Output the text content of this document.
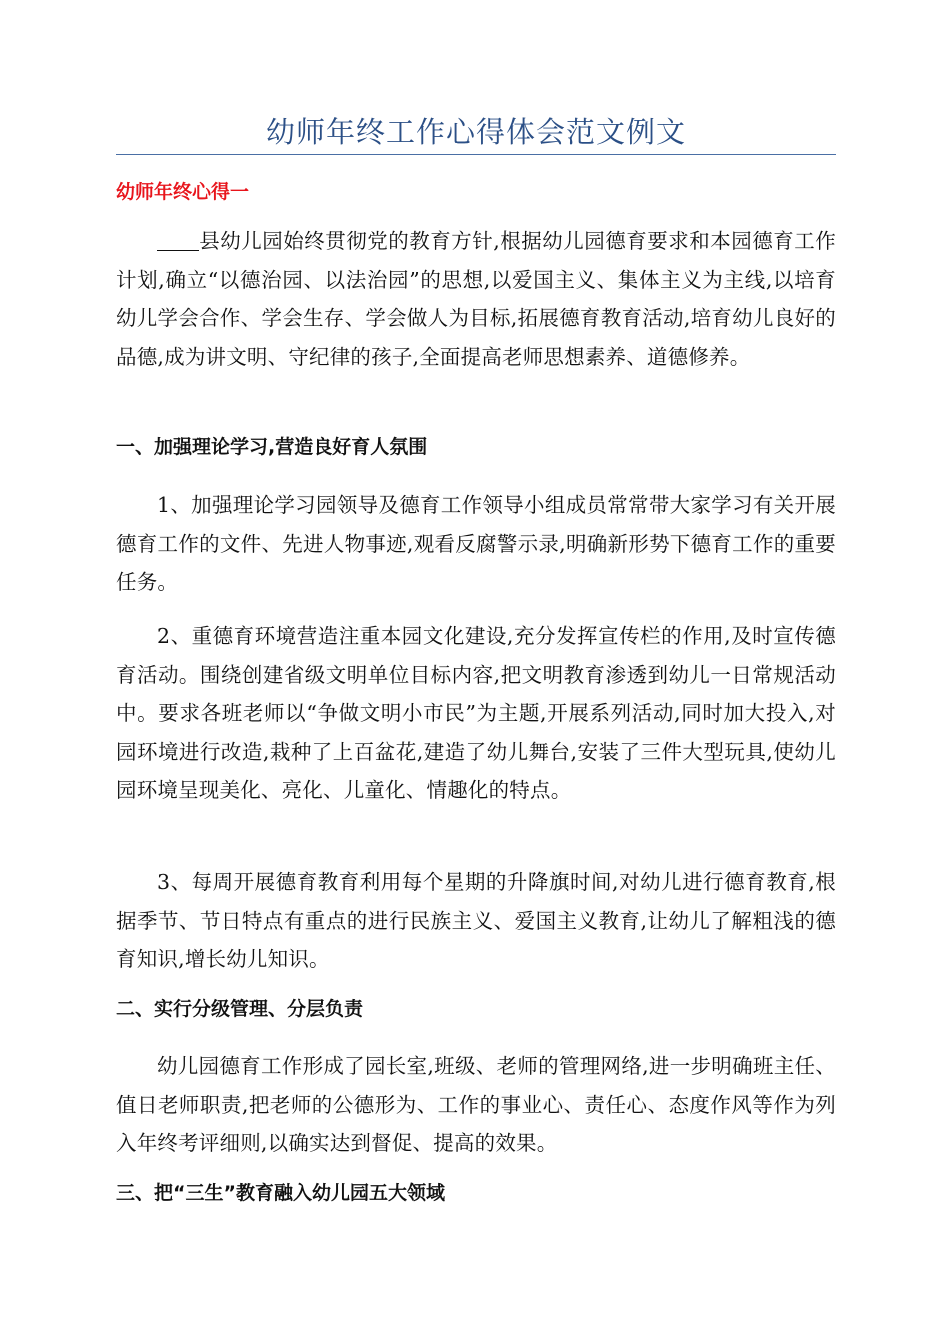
幼师年终工作心得体会范文例文
幼师年终心得一
县幼儿园始终贯彻党的教育方针,根据幼儿园德育要求和本园德育工作计划,确立“以德治园、以法治园”的思想,以爱国主义、集体主义为主线,以培育幼儿学会合作、学会生存、学会做人为目标,拓展德育教育活动,培育幼儿良好的品德,成为讲文明、守纪律的孩子,全面提高老师思想素养、道德修养。
一、加强理论学习,营造良好育人氛围
1、加强理论学习园领导及德育工作领导小组成员常常带大家学习有关开展德育工作的文件、先进人物事迹,观看反腐警示录,明确新形势下德育工作的重要任务。
2、重德育环境营造注重本园文化建设,充分发挥宣传栏的作用,及时宣传德育活动。围绕创建省级文明单位目标内容,把文明教育渗透到幼儿一日常规活动中。要求各班老师以“争做文明小市民”为主题,开展系列活动,同时加大投入,对园环境进行改造,栽种了上百盆花,建造了幼儿舞台,安装了三件大型玩具,使幼儿园环境呈现美化、亮化、儿童化、情趣化的特点。
3、每周开展德育教育利用每个星期的升降旗时间,对幼儿进行德育教育,根据季节、节日特点有重点的进行民族主义、爱国主义教育,让幼儿了解粗浅的德育知识,增长幼儿知识。
二、实行分级管理、分层负责
幼儿园德育工作形成了园长室,班级、老师的管理网络,进一步明确班主任、值日老师职责,把老师的公德形为、工作的事业心、责任心、态度作风等作为列入年终考评细则,以确实达到督促、提高的效果。
三、把“三生”教育融入幼儿园五大领域
